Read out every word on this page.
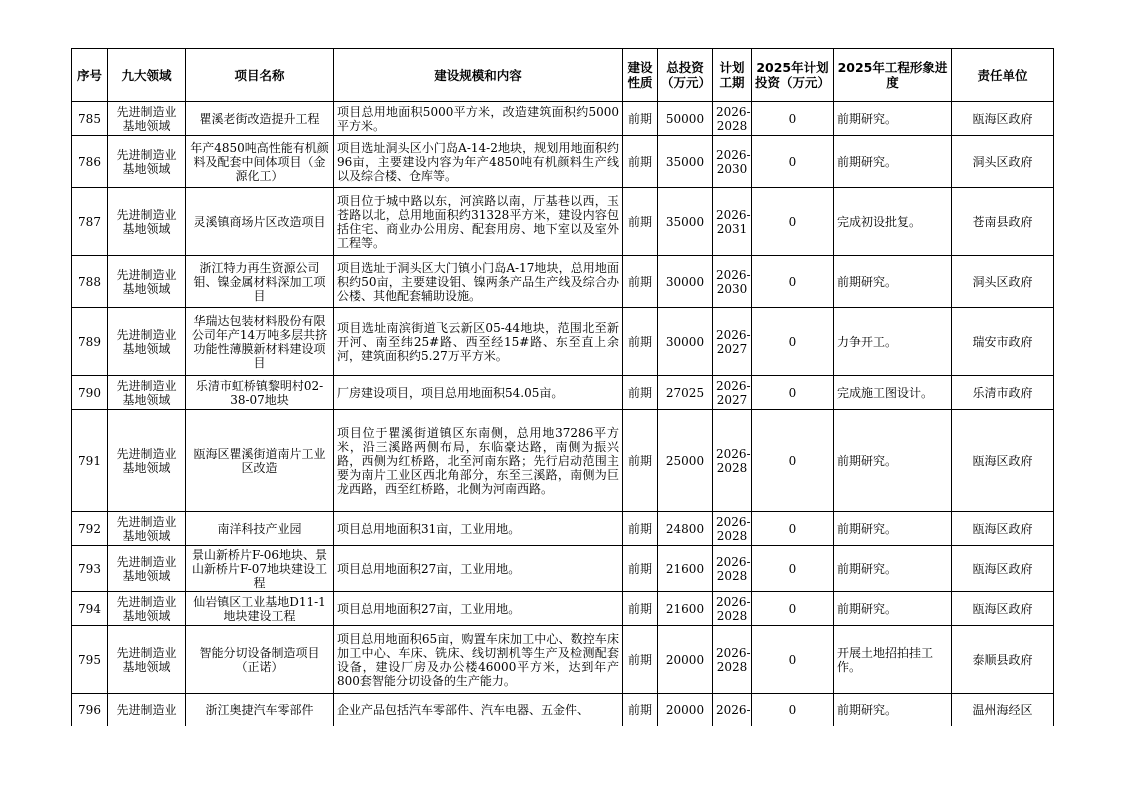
序号	九大领域	项目名称	建设规模和内容	建设性质	总投资（万元）	计划工期	2025年计划投资（万元）	2025年工程形象进度	责任单位
785	先进制造业基地领域	瞿溪老街改造提升工程	项目总用地面积5000平方米，改造建筑面积约5000平方米。	前期	50000	2026-2028	0	前期研究。	瓯海区政府
786	先进制造业基地领域	年产4850吨高性能有机颜料及配套中间体项目（金源化工）	项目选址洞头区小门岛A-14-2地块，规划用地面积约96亩，主要建设内容为年产4850吨有机颜料生产线以及综合楼、仓库等。	前期	35000	2026-2030	0	前期研究。	洞头区政府
787	先进制造业基地领域	灵溪镇商场片区改造项目	项目位于城中路以东，河滨路以南，厅基巷以西，玉苍路以北，总用地面积约31328平方米，建设内容包括住宅、商业办公用房、配套用房、地下室以及室外工程等。	前期	35000	2026-2031	0	完成初设批复。	苍南县政府
788	先进制造业基地领域	浙江特力再生资源公司钼、镍金属材料深加工项目	项目选址于洞头区大门镇小门岛A-17地块，总用地面积约50亩，主要建设钼、镍两条产品生产线及综合办公楼、其他配套辅助设施。	前期	30000	2026-2030	0	前期研究。	洞头区政府
789	先进制造业基地领域	华瑞达包装材料股份有限公司年产14万吨多层共挤功能性薄膜新材料建设项目	项目选址南滨街道飞云新区05-44地块，范围北至新开河、南至纬25#路、西至经15#路、东至直上余河，建筑面积约5.27万平方米。	前期	30000	2026-2027	0	力争开工。	瑞安市政府
790	先进制造业基地领域	乐清市虹桥镇黎明村02-38-07地块	厂房建设项目，项目总用地面积54.05亩。	前期	27025	2026-2027	0	完成施工图设计。	乐清市政府
791	先进制造业基地领域	瓯海区瞿溪街道南片工业区改造	项目位于瞿溪街道镇区东南侧，总用地37286平方米，沿三溪路两侧布局，东临豪达路，南侧为振兴路，西侧为红桥路，北至河南东路；先行启动范围主要为南片工业区西北角部分，东至三溪路，南侧为巨龙西路，西至红桥路，北侧为河南西路。	前期	25000	2026-2028	0	前期研究。	瓯海区政府
792	先进制造业基地领域	南洋科技产业园	项目总用地面积31亩，工业用地。	前期	24800	2026-2028	0	前期研究。	瓯海区政府
793	先进制造业基地领域	景山新桥片F-06地块、景山新桥片F-07地块建设工程	项目总用地面积27亩，工业用地。	前期	21600	2026-2028	0	前期研究。	瓯海区政府
794	先进制造业基地领域	仙岩镇区工业基地D11-1地块建设工程	项目总用地面积27亩，工业用地。	前期	21600	2026-2028	0	前期研究。	瓯海区政府
795	先进制造业基地领域	智能分切设备制造项目（正诺）	项目总用地面积65亩，购置车床加工中心、数控车床加工中心、车床、铣床、线切割机等生产及检测配套设备，建设厂房及办公楼46000平方米，达到年产800套智能分切设备的生产能力。	前期	20000	2026-2028	0	开展土地招拍挂工作。	泰顺县政府
796	先进制造业	浙江奥捷汽车零部件	企业产品包括汽车零部件、汽车电器、五金件、	前期	20000	2026-	0	前期研究。	温州海经区
